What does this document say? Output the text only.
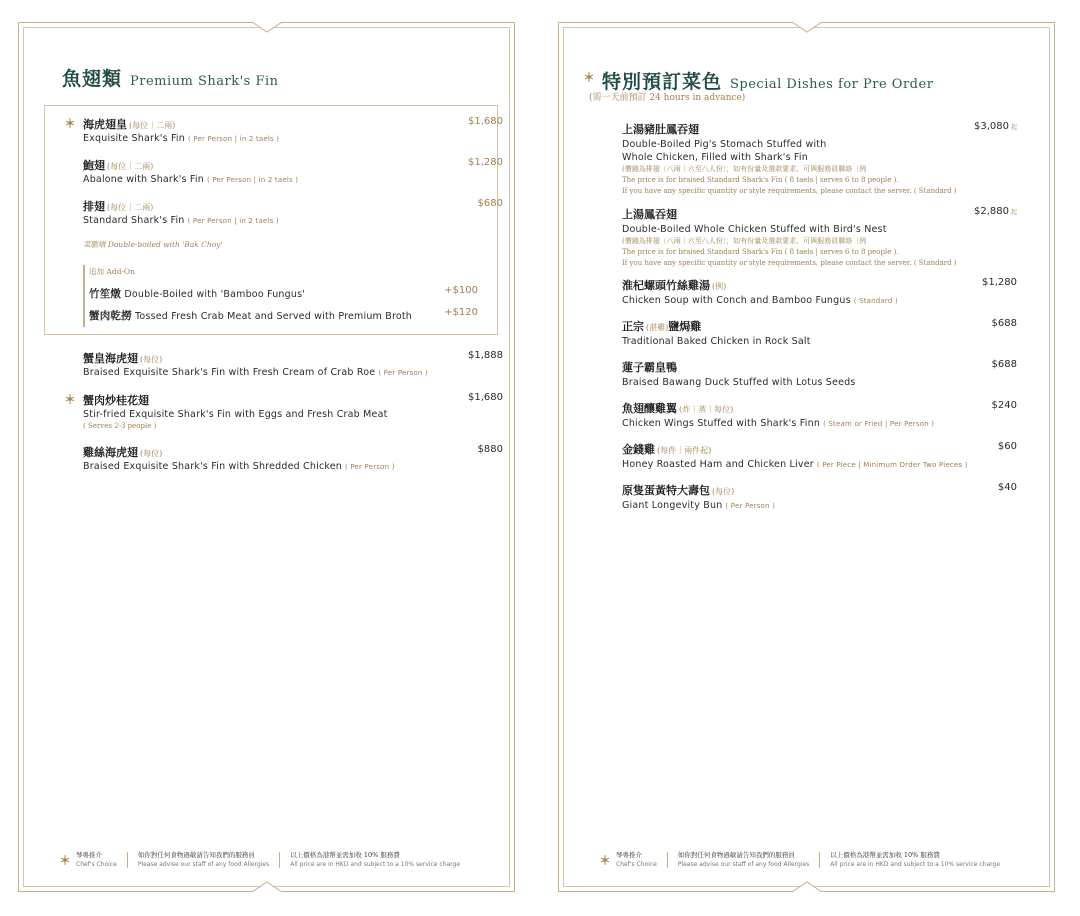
魚翅類 Premium Shark's Fin
海虎翅皇 (每位｜二兩)
Exquisite Shark's Fin ( Per Person | in 2 taels )
$1,680
鮑翅 (每位｜二兩)
Abalone with Shark's Fin ( Per Person | in 2 taels )
$1,280
排翅 (每位｜二兩)
Standard Shark's Fin ( Per Person | in 2 taels )
$680
菜膽燉 Double-boiled with 'Bak Choy'
追加 Add-On
竹笙燉 Double-Boiled with 'Bamboo Fungus'	+$100
蟹肉乾撈 Tossed Fresh Crab Meat and Served with Premium Broth	+$120
蟹皇海虎翅 (每位)
Braised Exquisite Shark's Fin with Fresh Cream of Crab Roe ( Per Person )
$1,888
蟹肉炒桂花翅
Stir-fried Exquisite Shark's Fin with Eggs and Fresh Crab Meat
( Serves 2-3 people )
$1,680
雞絲海虎翅 (每位)
Braised Exquisite Shark's Fin with Shredded Chicken ( Per Person )
$880
琴粵推介
Chef's Choice
如你對任何食物過敏請告知我們的服務員
Please advise our staff of any food Allergies
以上價格為港幣並需加收 10% 服務費
All price are in HKD and subject to a 10% service charge
特別預訂菜色 Special Dishes for Pre Order
(需一天前預訂 24 hours in advance)
上湯豬肚鳳吞翅
Double-Boiled Pig's Stomach Stuffed with
Whole Chicken, Filled with Shark's Fin
(價錢為排翅〔八兩｜六至八人份〕，如有份量及選款要求，可與服務員聯絡〔例
The price is for braised Standard Shark's Fin ( 8 taels | serves 6 to 8 people ).
If you have any specific quantity or style requirements, please contact the server. ( Standard )
$3,080 起
上湯鳳吞翅
Double-Boiled Whole Chicken Stuffed with Bird's Nest
(價錢為排翅〔八兩｜六至八人份〕，如有份量及選款要求，可與服務員聯絡〔例
The price is for braised Standard Shark's Fin ( 8 taels | serves 6 to 8 people ).
If you have any specific quantity or style requirements, please contact the server. ( Standard )
$2,880 起
淮杞螺頭竹絲雞湯 (例)
Chicken Soup with Conch and Bamboo Fungus ( Standard )
$1,280
正宗 (湛雞)鹽焗雞
Traditional Baked Chicken in Rock Salt
$688
蓮子霸皇鴨
Braised Bawang Duck Stuffed with Lotus Seeds
$688
魚翅釀雞翼 (炸｜蒸｜每位)
Chicken Wings Stuffed with Shark's Finn ( Steam or Fried | Per Person )
$240
金錢雞 (每件｜兩件起)
Honey Roasted Ham and Chicken Liver ( Per Piece | Minimum Order Two Pieces )
$60
原隻蛋黃特大壽包 (每位)
Giant Longevity Bun ( Per Person )
$40
琴粵推介
Chef's Choice
如你對任何食物過敏請告知我們的服務員
Please advise our staff of any food Allergies
以上價格為港幣並需加收 10% 服務費
All price are in HKD and subject to a 10% service charge
